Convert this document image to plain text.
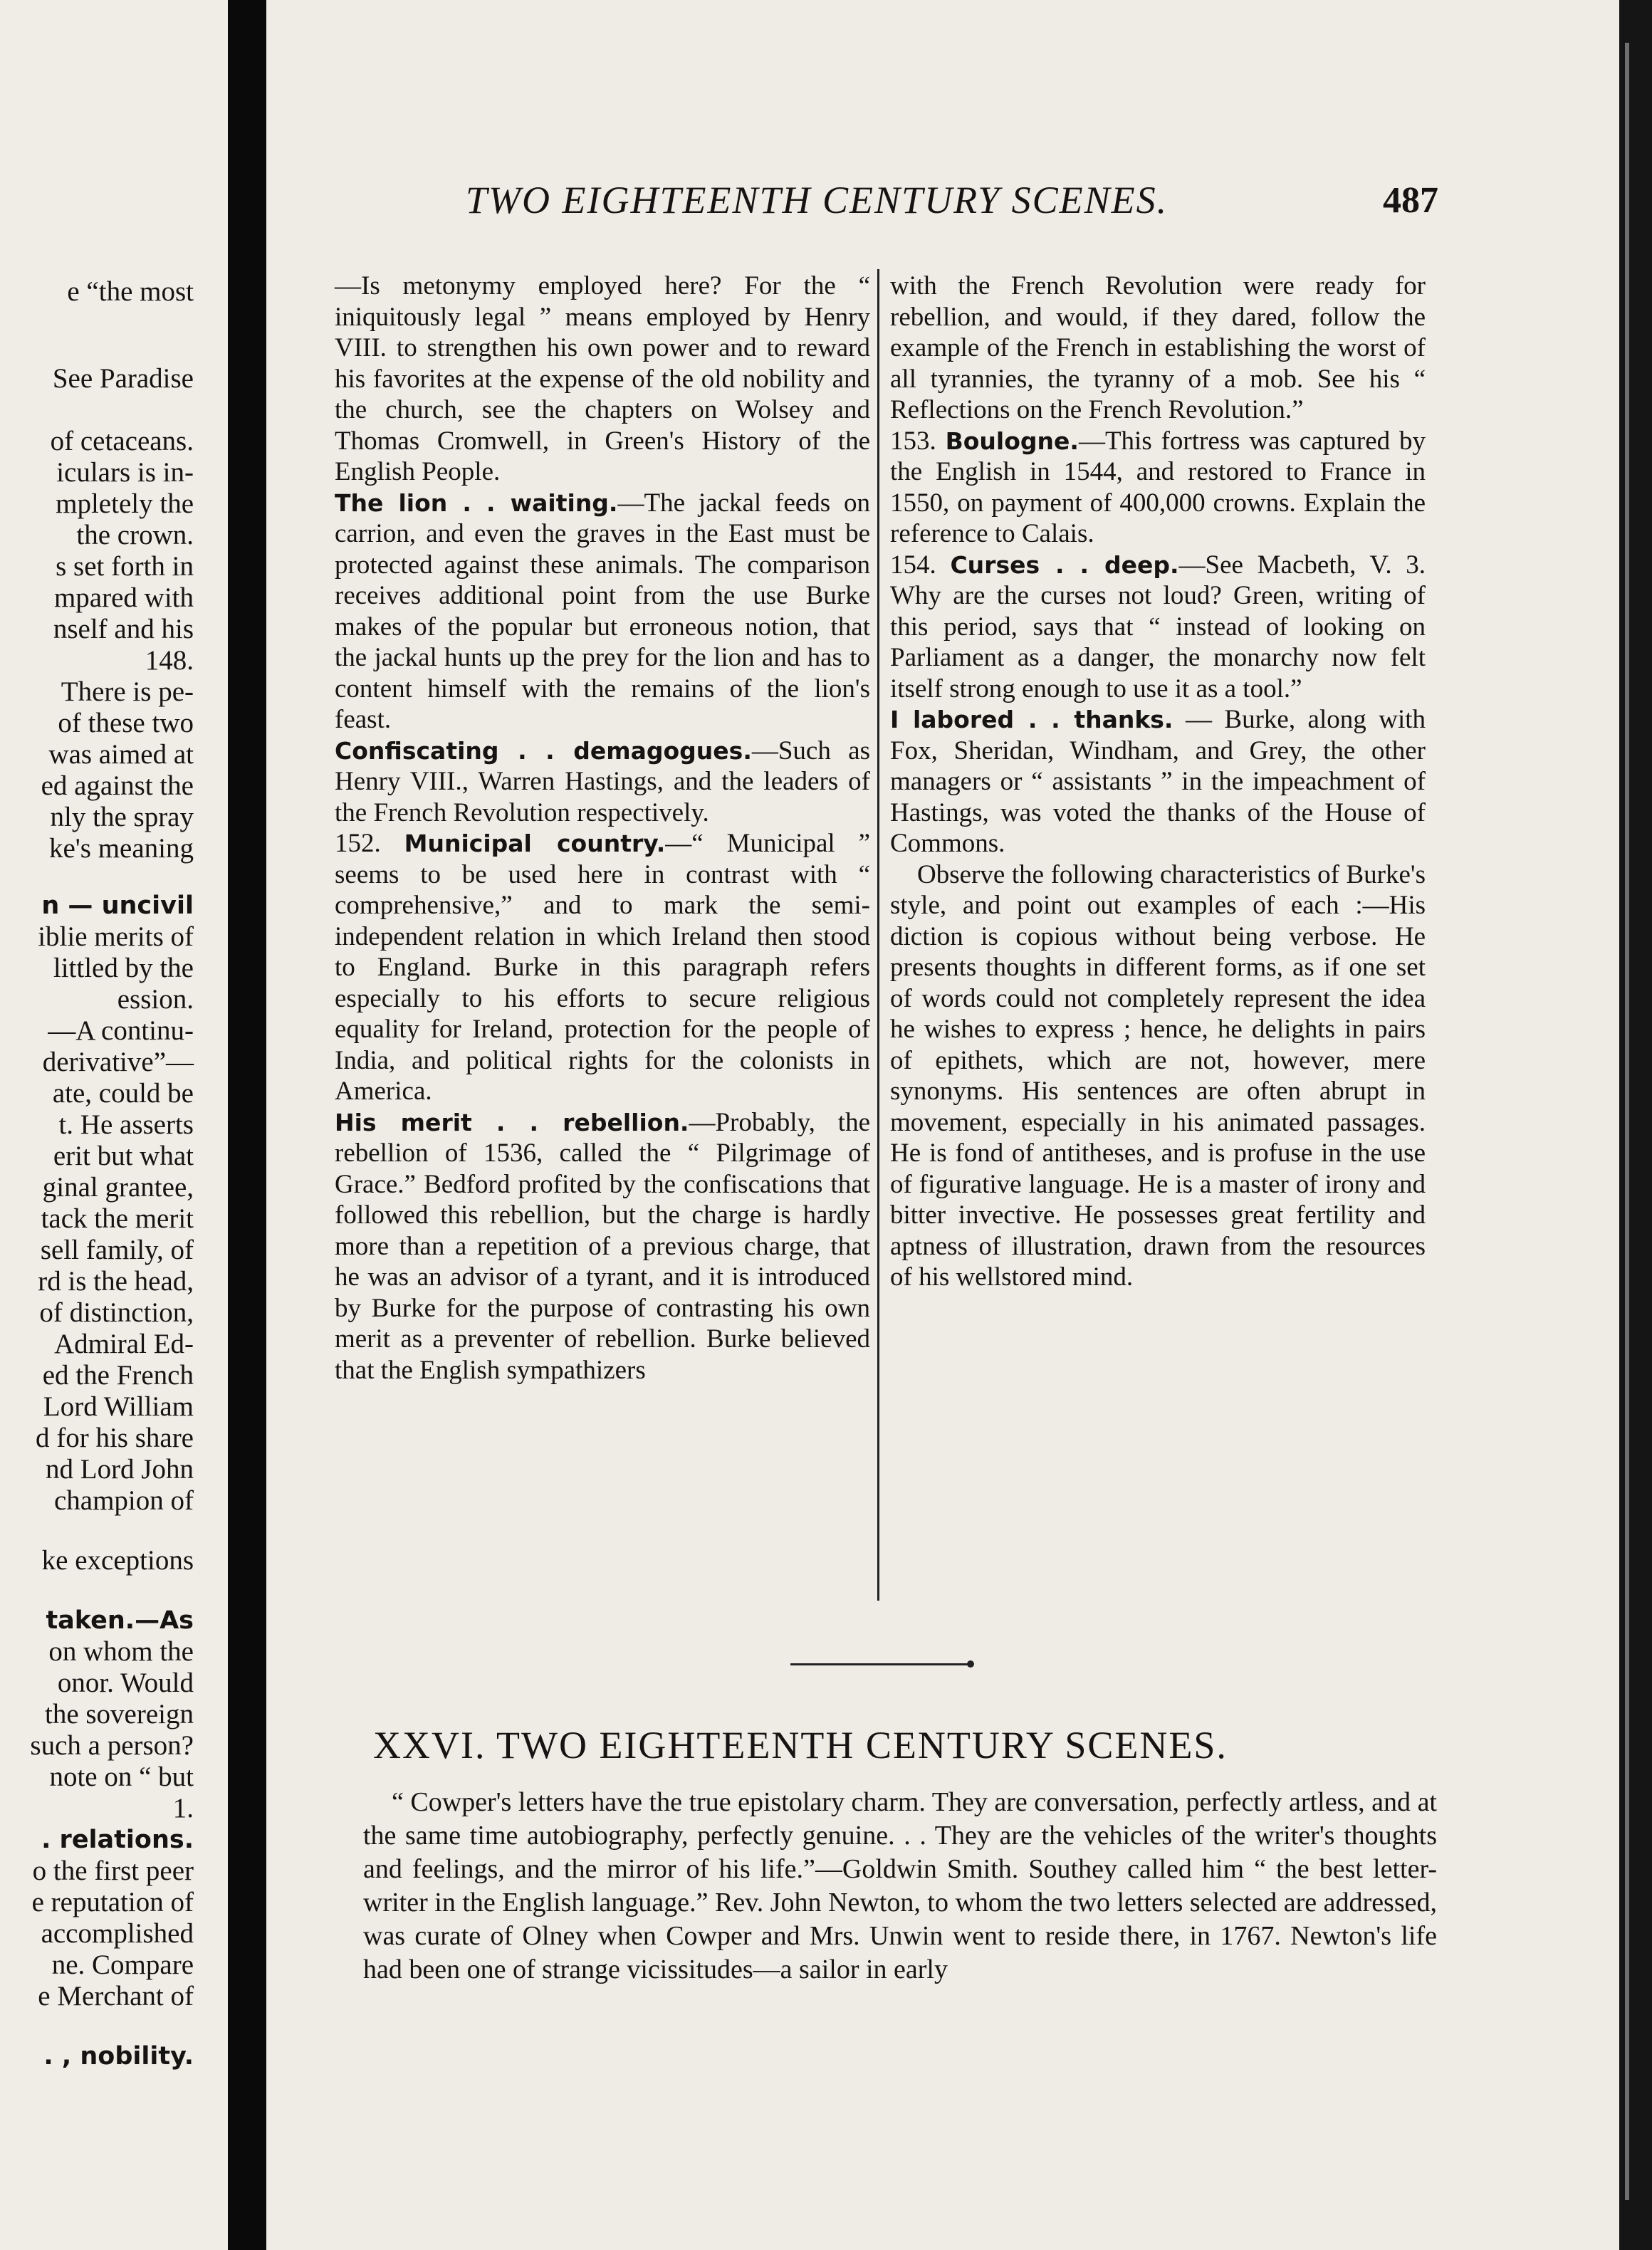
e “the most
See Paradise
of cetaceans.
iculars is in-
mpletely the
the crown.
s set forth in
mpared with
nself and his
148.
There is pe-
of these two
was aimed at
ed against the
nly the spray
ke's meaning
n — uncivil
iblie merits of
littled by the
ession.
—A continu-
derivative”—
ate, could be
t. He asserts
erit but what
ginal grantee,
tack the merit
sell family, of
rd is the head,
of distinction,
Admiral Ed-
ed the French
Lord William
d for his share
nd Lord John
champion of
ke exceptions
taken.—As
on whom the
onor. Would
the sovereign
such a person?
note on “ but
1.
. relations.
o the first peer
e reputation of
accomplished
ne. Compare
e Merchant of
. , nobility.
TWO EIGHTEENTH CENTURY SCENES.	487

—Is metonymy employed here? For the “ iniquitously legal ” means employed by Henry VIII. to strengthen his own power and to reward his favorites at the expense of the old nobility and the church, see the chapters on Wolsey and Thomas Cromwell, in Green's History of the English People.

The lion . . waiting.—The jackal feeds on carrion, and even the graves in the East must be protected against these animals. The comparison receives additional point from the use Burke makes of the popular but erroneous notion, that the jackal hunts up the prey for the lion and has to content himself with the remains of the lion's feast.

Confiscating . . demagogues.—Such as Henry VIII., Warren Hastings, and the leaders of the French Revolution respectively.

152. Municipal country.—“ Municipal ” seems to be used here in contrast with “ comprehensive,” and to mark the semi-independent relation in which Ireland then stood to England. Burke in this paragraph refers especially to his efforts to secure religious equality for Ireland, protection for the people of India, and political rights for the colonists in America.

His merit . . rebellion.—Probably, the rebellion of 1536, called the “ Pilgrimage of Grace.” Bedford profited by the confiscations that followed this rebellion, but the charge is hardly more than a repetition of a previous charge, that he was an advisor of a tyrant, and it is introduced by Burke for the purpose of contrasting his own merit as a preventer of rebellion. Burke believed that the English sympathizers

with the French Revolution were ready for rebellion, and would, if they dared, follow the example of the French in establishing the worst of all tyrannies, the tyranny of a mob. See his “ Reflections on the French Revolution.”

153. Boulogne.—This fortress was captured by the English in 1544, and restored to France in 1550, on payment of 400,000 crowns. Explain the reference to Calais.

154. Curses . . deep.—See Macbeth, V. 3. Why are the curses not loud? Green, writing of this period, says that “ instead of looking on Parliament as a danger, the monarchy now felt itself strong enough to use it as a tool.”

I labored . . thanks. — Burke, along with Fox, Sheridan, Windham, and Grey, the other managers or “ assistants ” in the impeachment of Hastings, was voted the thanks of the House of Commons.

Observe the following characteristics of Burke's style, and point out examples of each :—His diction is copious without being verbose. He presents thoughts in different forms, as if one set of words could not completely represent the idea he wishes to express ; hence, he delights in pairs of epithets, which are not, however, mere synonyms. His sentences are often abrupt in movement, especially in his animated passages. He is fond of antitheses, and is profuse in the use of figurative language. He is a master of irony and bitter invective. He possesses great fertility and aptness of illustration, drawn from the resources of his wellstored mind.

XXVI. TWO EIGHTEENTH CENTURY SCENES.

“ Cowper's letters have the true epistolary charm. They are conversation, perfectly artless, and at the same time autobiography, perfectly genuine. . . They are the vehicles of the writer's thoughts and feelings, and the mirror of his life.”—Goldwin Smith. Southey called him “ the best letter-writer in the English language.” Rev. John Newton, to whom the two letters selected are addressed, was curate of Olney when Cowper and Mrs. Unwin went to reside there, in 1767. Newton's life had been one of strange vicissitudes—a sailor in early
